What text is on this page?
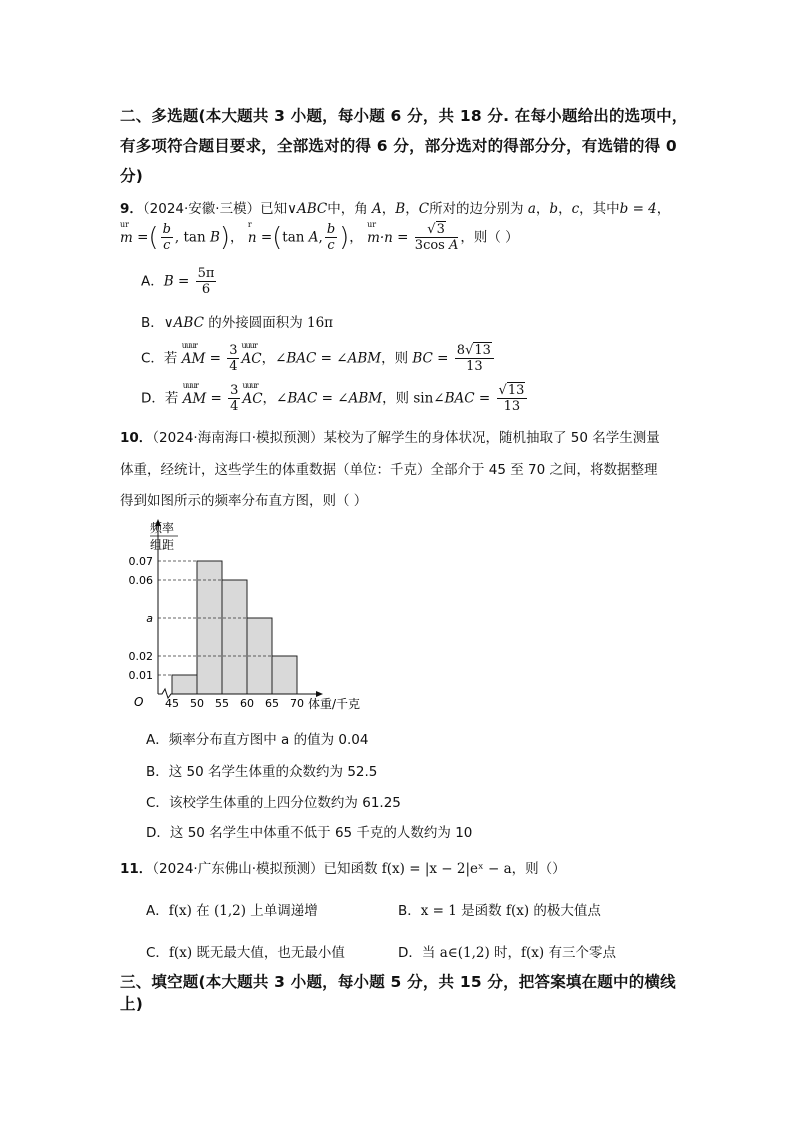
二、多选题(本大题共 3 小题，每小题 6 分，共 18 分. 在每小题给出的选项中，
有多项符合题目要求，全部选对的得 6 分，部分选对的得部分分，有选错的得 0
分)
9．（2024·安徽·三模）已知∨ABC中，角 A，B，C所对的边分别为 a，b，c，其中b = 4，
ur m =( $\frac{b}{c}$ , tan B)， r n =(tan A, $\frac{b}{c}$ )， ur $m\cdot n = \frac{√3}{\text{3cos A}}$ ，则（ ）
A．$B = \frac{5\pi}{6}$
B．∨ABC 的外接圆面积为 16π
C．若 uuur AM = $\frac{3}{4}$ uuur AC，∠BAC = ∠ABM，则 BC = $\frac{8√13}{13}$
D．若 uuur AM = $\frac{3}{4}$ uuur AC，∠BAC = ∠ABM，则 sin∠BAC = $\frac{√13}{13}$
10．（2024·海南海口·模拟预测）某校为了解学生的身体状况，随机抽取了 50 名学生测量
体重，经统计，这些学生的体重数据（单位：千克）全部介于 45 至 70 之间，将数据整理
得到如图所示的频率分布直方图，则（ ）
0.07
0.06
a
0.02
0.01
45 50 55 60 65 70
频率
组距
O	体重/千克
A．频率分布直方图中 a 的值为 0.04
B．这 50 名学生体重的众数约为 52.5
C．该校学生体重的上四分位数约为 61.25
D．这 50 名学生中体重不低于 65 千克的人数约为 10
11．（2024·广东佛山·模拟预测）已知函数 f(x) = |x − 2|eˣ − a，则（）
A．f(x) 在 (1,2) 上单调递增	B．x = 1 是函数 f(x) 的极大值点
C．f(x) 既无最大值，也无最小值	D．当 a∈(1,2) 时，f(x) 有三个零点
三、填空题(本大题共 3 小题，每小题 5 分，共 15 分，把答案填在题中的横线
上)
